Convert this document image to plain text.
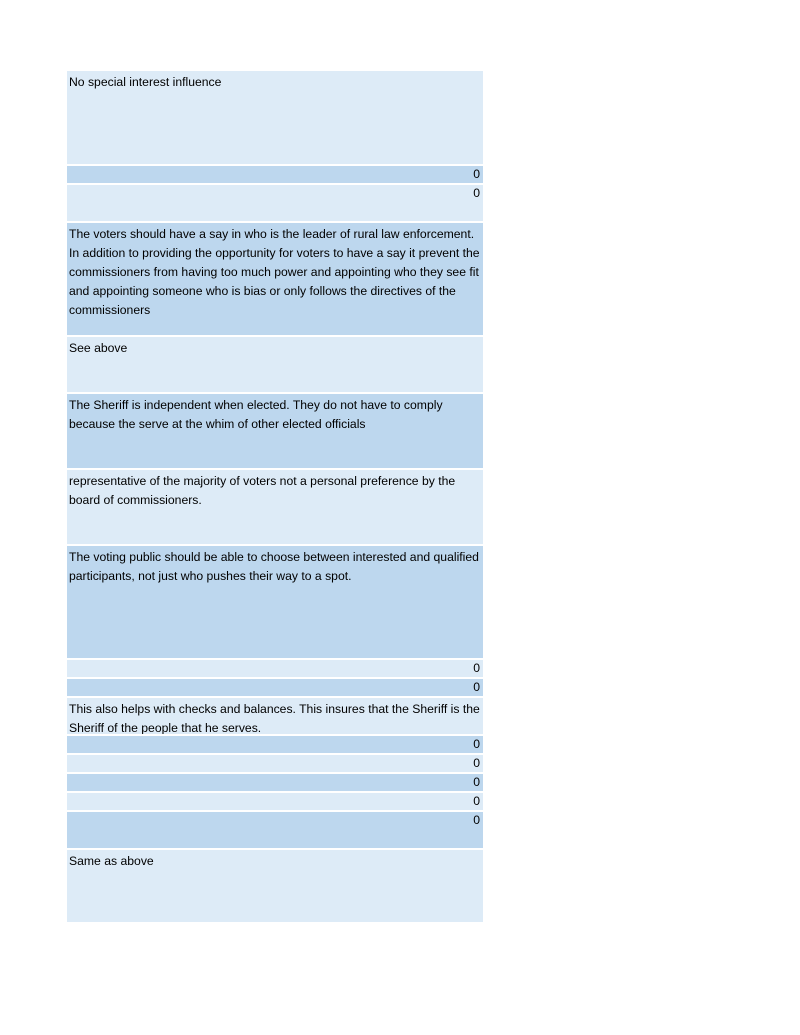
No special interest influence
0
0
The voters should have a say in who is the leader of rural law enforcement. In addition to providing the opportunity for voters to have a say it prevent the commissioners from having too much power and appointing who they see fit and appointing someone who is bias or only follows the directives of the commissioners
See above
The Sheriff is independent when elected. They do not have to comply because the serve at the whim of other elected officials
representative of the majority of voters not a personal preference by the board of commissioners.
The voting public should be able to choose between interested and qualified participants, not just who pushes their way to a spot.
0
0
This also helps with checks and balances. This insures that the Sheriff is the Sheriff of the people that he serves.
0
0
0
0
0
Same as above
